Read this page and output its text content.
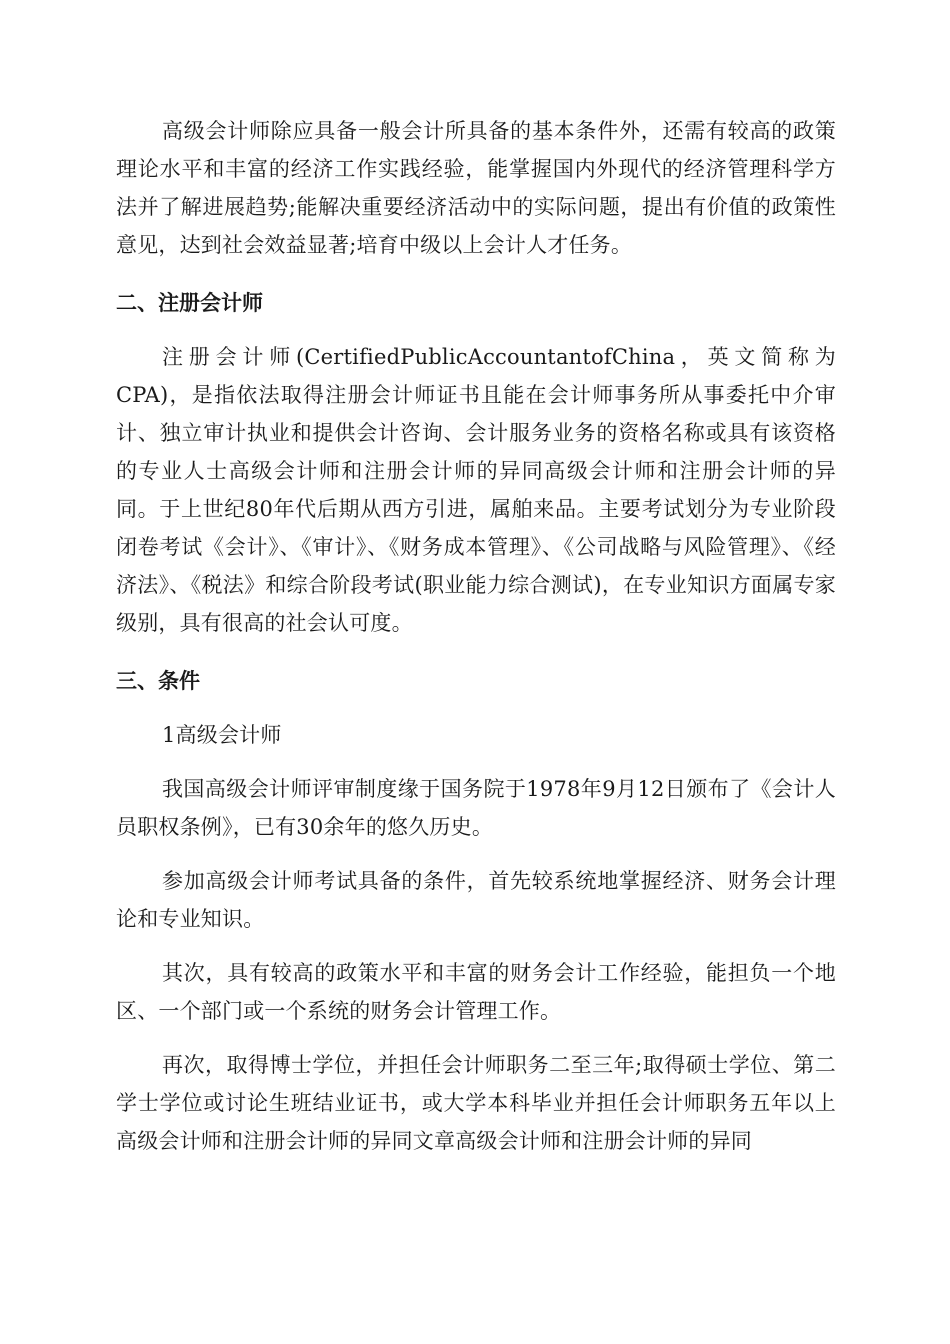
高级会计师除应具备一般会计所具备的基本条件外，还需有较高的政策理论水平和丰富的经济工作实践经验，能掌握国内外现代的经济管理科学方法并了解进展趋势;能解决重要经济活动中的实际问题，提出有价值的政策性意见，达到社会效益显著;培育中级以上会计人才任务。

二、注册会计师

注册会计师(CertifiedPublicAccountantofChina，英文简称为CPA)，是指依法取得注册会计师证书且能在会计师事务所从事委托中介审计、独立审计执业和提供会计咨询、会计服务业务的资格名称或具有该资格的专业人士高级会计师和注册会计师的异同高级会计师和注册会计师的异同。于上世纪80年代后期从西方引进，属舶来品。主要考试划分为专业阶段闭卷考试《会计》、《审计》、《财务成本管理》、《公司战略与风险管理》、《经济法》、《税法》和综合阶段考试(职业能力综合测试)，在专业知识方面属专家级别，具有很高的社会认可度。

三、条件

1高级会计师

我国高级会计师评审制度缘于国务院于1978年9月12日颁布了《会计人员职权条例》，已有30余年的悠久历史。

参加高级会计师考试具备的条件，首先较系统地掌握经济、财务会计理论和专业知识。

其次，具有较高的政策水平和丰富的财务会计工作经验，能担负一个地区、一个部门或一个系统的财务会计管理工作。

再次，取得博士学位，并担任会计师职务二至三年;取得硕士学位、第二学士学位或讨论生班结业证书，或大学本科毕业并担任会计师职务五年以上高级会计师和注册会计师的异同文章高级会计师和注册会计师的异同
